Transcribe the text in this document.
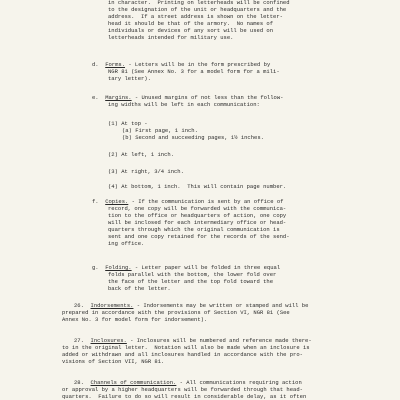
in character.  Printing on letterheads will be confined
to the designation of the unit or headquarters and the
address.  If a street address is shown on the letter-
head it should be that of the armory.  No names of
individuals or devices of any sort will be used on
letterheads intended for military use.
d.  Forms. - Letters will be in the form prescribed by
NGR 81 (See Annex No. 3 for a model form for a mili-
tary letter).
e.  Margins. - Unused margins of not less than the follow-
ing widths will be left in each communication:
(1) At top -
(a) First page, 1 inch.
(b) Second and succeeding pages, 1½ inches.
(2) At left, 1 inch.
(3) At right, 3/4 inch.
(4) At bottom, 1 inch.  This will contain page number.
f.  Copies. - If the communication is sent by an office of
record, one copy will be forwarded with the communica-
tion to the office or headquarters of action, one copy
will be inclosed for each intermediary office or head-
quarters through which the original communication is
sent and one copy retained for the records of the send-
ing office.
g.  Folding. - Letter paper will be folded in three equal
folds parallel with the bottom, the lower fold over
the face of the letter and the top fold toward the
back of the letter.
26.  Indorsements. - Indorsements may be written or stamped and will be
prepared in accordance with the provisions of Section VI, NGR 81 (See
Annex No. 3 for model form for indorsement).
27.  Inclosures. - Inclosures will be numbered and reference made there-
to in the original letter.  Notation will also be made when an inclosure is
added or withdrawn and all inclosures handled in accordance with the pro-
visions of Section VII, NGR 81.
28.  Channels of communication. - All communications requiring action
or approval by a higher headquarters will be forwarded through that head-
quarters.  Failure to do so will result in considerable delay, as it often
